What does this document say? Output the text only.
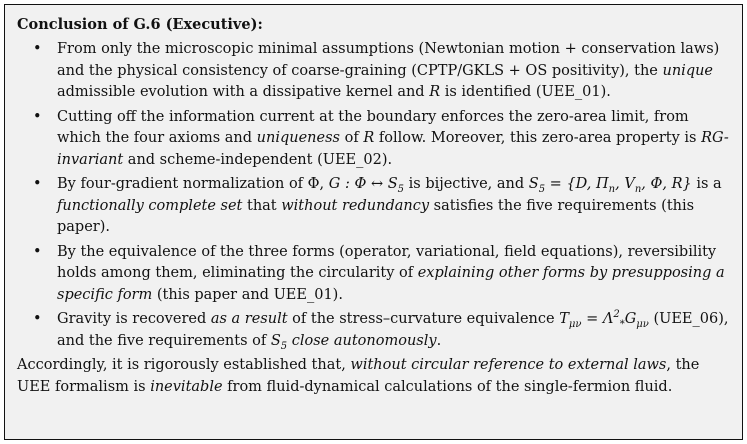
Conclusion of G.6 (Executive):
• From only the microscopic minimal assumptions (Newtonian motion + conservation laws) and the physical consistency of coarse-graining (CPTP/GKLS + OS positivity), the unique admissible evolution with a dissipative kernel and R is identified (UEE_01).
• Cutting off the information current at the boundary enforces the zero-area limit, from which the four axioms and uniqueness of R follow. Moreover, this zero-area property is RG-invariant and scheme-independent (UEE_02).
• By four-gradient normalization of Φ, G : Φ ↔ $S_5$ is bijective, and $S_5 = \{D$, $\Pi_n$, $V_n$, Φ, R} is a functionally complete set that without redundancy satisfies the five requirements (this paper).
• By the equivalence of the three forms (operator, variational, field equations), reversibility holds among them, eliminating the circularity of explaining other forms by presupposing a specific form (this paper and UEE_01).
• Gravity is recovered as a result of the stress–curvature equivalence $T_{\mu\nu} = \Lambda^2_*G_{\mu\nu}$ (UEE_06), and the five requirements of $S_5$ close autonomously.

Accordingly, it is rigorously established that, without circular reference to external laws, the UEE formalism is inevitable from fluid-dynamical calculations of the single-fermion fluid.
